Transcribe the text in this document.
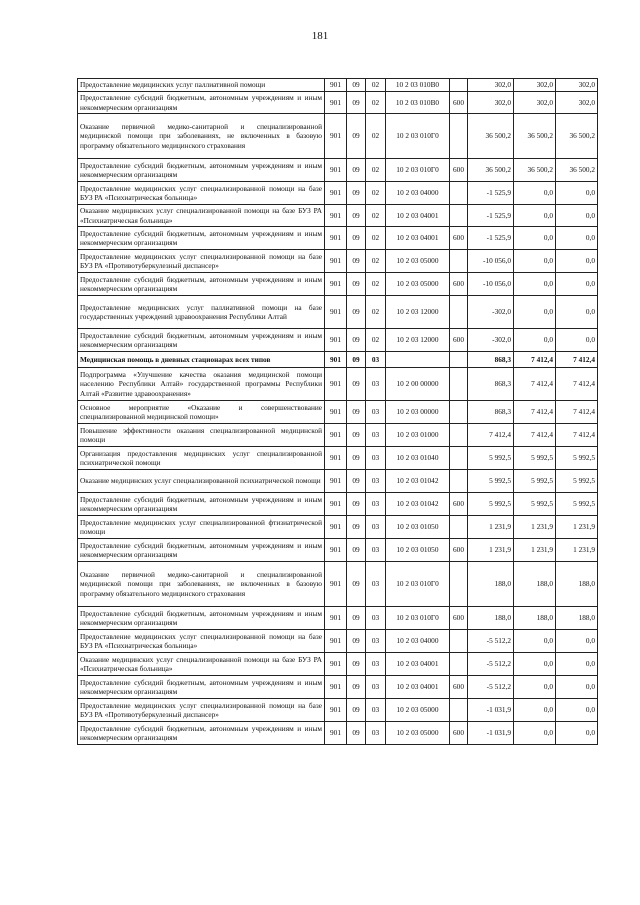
181
Предоставление медицинских услуг паллиативной помощи	901	09	02	10 2 03 010В0		302,0	302,0	302,0
Предоставление субсидий бюджетным, автономным учреждениям и иным некоммерческим организациям	901	09	02	10 2 03 010В0	600	302,0	302,0	302,0
Оказание первичной медико-санитарной и специализированной медицинской помощи при заболеваниях, не включенных в базовую программу обязательного медицинского страхования	901	09	02	10 2 03 010Г0		36 500,2	36 500,2	36 500,2
Предоставление субсидий бюджетным, автономным учреждениям и иным некоммерческим организациям	901	09	02	10 2 03 010Г0	600	36 500,2	36 500,2	36 500,2
Предоставление медицинских услуг специализированной помощи на базе БУЗ РА «Психиатрическая больница»	901	09	02	10 2 03 04000		-1 525,9	0,0	0,0
Оказание медицинских услуг специализированной помощи на базе БУЗ РА «Психиатрическая больница»	901	09	02	10 2 03 04001		-1 525,9	0,0	0,0
Предоставление субсидий бюджетным, автономным учреждениям и иным некоммерческим организациям	901	09	02	10 2 03 04001	600	-1 525,9	0,0	0,0
Предоставление медицинских услуг специализированной помощи на базе БУЗ РА «Противотуберкулезный диспансер»	901	09	02	10 2 03 05000		-10 056,0	0,0	0,0
Предоставление субсидий бюджетным, автономным учреждениям и иным некоммерческим организациям	901	09	02	10 2 03 05000	600	-10 056,0	0,0	0,0
Предоставление медицинских услуг паллиативной помощи на базе государственных учреждений здравоохранения Республики Алтай	901	09	02	10 2 03 12000		-302,0	0,0	0,0
Предоставление субсидий бюджетным, автономным учреждениям и иным некоммерческим организациям	901	09	02	10 2 03 12000	600	-302,0	0,0	0,0
Медицинская помощь в дневных стационарах всех типов	901	09	03			868,3	7 412,4	7 412,4
Подпрограмма «Улучшение качества оказания медицинской помощи населению Республики Алтай» государственной программы Республики Алтай «Развитие здравоохранения»	901	09	03	10 2 00 00000		868,3	7 412,4	7 412,4
Основное мероприятие «Оказание и совершенствование специализированной медицинской помощи»	901	09	03	10 2 03 00000		868,3	7 412,4	7 412,4
Повышение эффективности оказания специализированной медицинской помощи	901	09	03	10 2 03 01000		7 412,4	7 412,4	7 412,4
Организация предоставления медицинских услуг специализированной психиатрической помощи	901	09	03	10 2 03 01040		5 992,5	5 992,5	5 992,5
Оказание медицинских услуг специализированной психиатрической помощи	901	09	03	10 2 03 01042		5 992,5	5 992,5	5 992,5
Предоставление субсидий бюджетным, автономным учреждениям и иным некоммерческим организациям	901	09	03	10 2 03 01042	600	5 992,5	5 992,5	5 992,5
Предоставление медицинских услуг специализированной фтизиатрической помощи	901	09	03	10 2 03 01050		1 231,9	1 231,9	1 231,9
Предоставление субсидий бюджетным, автономным учреждениям и иным некоммерческим организациям	901	09	03	10 2 03 01050	600	1 231,9	1 231,9	1 231,9
Оказание первичной медико-санитарной и специализированной медицинской помощи при заболеваниях, не включенных в базовую программу обязательного медицинского страхования	901	09	03	10 2 03 010Г0		188,0	188,0	188,0
Предоставление субсидий бюджетным, автономным учреждениям и иным некоммерческим организациям	901	09	03	10 2 03 010Г0	600	188,0	188,0	188,0
Предоставление медицинских услуг специализированной помощи на базе БУЗ РА «Психиатрическая больница»	901	09	03	10 2 03 04000		-5 512,2	0,0	0,0
Оказание медицинских услуг специализированной помощи на базе БУЗ РА «Психиатрическая больница»	901	09	03	10 2 03 04001		-5 512,2	0,0	0,0
Предоставление субсидий бюджетным, автономным учреждениям и иным некоммерческим организациям	901	09	03	10 2 03 04001	600	-5 512,2	0,0	0,0
Предоставление медицинских услуг специализированной помощи на базе БУЗ РА «Противотуберкулезный диспансер»	901	09	03	10 2 03 05000		-1 031,9	0,0	0,0
Предоставление субсидий бюджетным, автономным учреждениям и иным некоммерческим организациям	901	09	03	10 2 03 05000	600	-1 031,9	0,0	0,0
